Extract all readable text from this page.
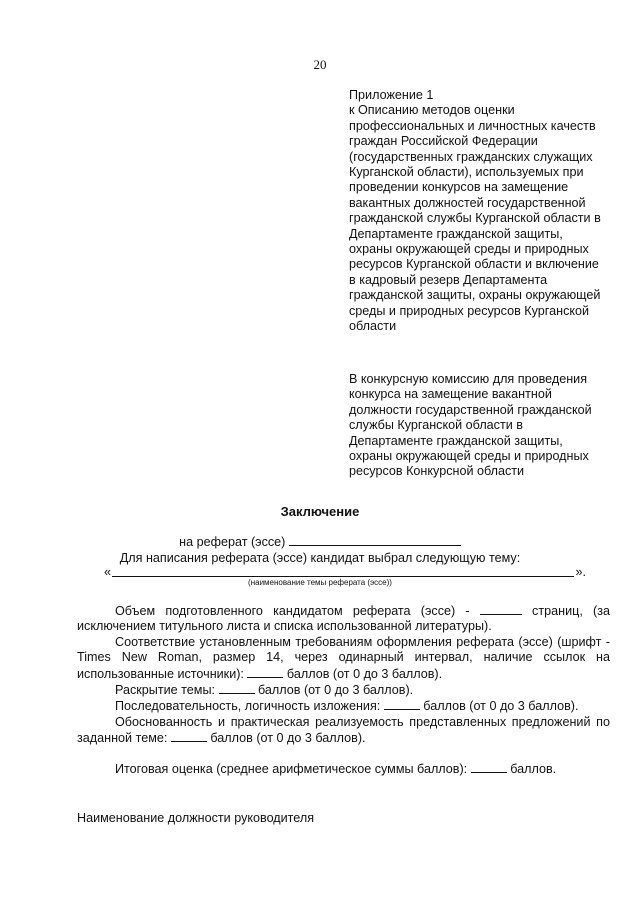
20
Приложение 1
к Описанию методов оценки
профессиональных и личностных качеств
граждан Российской Федерации
(государственных гражданских служащих
Курганской области), используемых при
проведении конкурсов на замещение
вакантных должностей государственной
гражданской службы Курганской области в
Департаменте гражданской защиты,
охраны окружающей среды и природных
ресурсов Курганской области и включение
в кадровый резерв Департамента
гражданской защиты, охраны окружающей
среды и природных ресурсов Курганской
области
В конкурсную комиссию для проведения
конкурса на замещение вакантной
должности государственной гражданской
службы Курганской области в
Департаменте гражданской защиты,
охраны окружающей среды и природных
ресурсов Конкурсной области
Заключение
на реферат (эссе)
Для написания реферата (эссе) кандидат выбрал следующую тему:
«	».
(наименование темы реферата (эссе))

Объем подготовленного кандидатом реферата (эссе) -	страниц, (за исключением титульного листа и списка использованной литературы).

Соответствие установленным требованиям оформления реферата (эссе) (шрифт - Times New Roman, размер 14, через одинарный интервал, наличие ссылок на использованные источники):	баллов (от 0 до 3 баллов).

Раскрытие темы:	баллов (от 0 до 3 баллов).

Последовательность, логичность изложения:	баллов (от 0 до 3 баллов).

Обоснованность и практическая реализуемость представленных предложений по заданной теме:	баллов (от 0 до 3 баллов).

Итоговая оценка (среднее арифметическое суммы баллов):	баллов.

Наименование должности руководителя
